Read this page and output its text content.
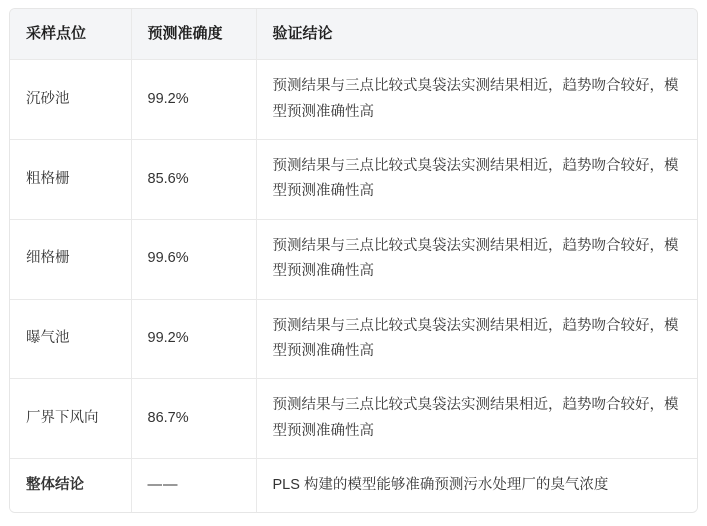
采样点位	预测准确度	验证结论
沉砂池	99.2%	预测结果与三点比较式臭袋法实测结果相近，趋势吻合较好，模型预测准确性高
粗格栅	85.6%	预测结果与三点比较式臭袋法实测结果相近，趋势吻合较好，模型预测准确性高
细格栅	99.6%	预测结果与三点比较式臭袋法实测结果相近，趋势吻合较好，模型预测准确性高
曝气池	99.2%	预测结果与三点比较式臭袋法实测结果相近，趋势吻合较好，模型预测准确性高
厂界下风向	86.7%	预测结果与三点比较式臭袋法实测结果相近，趋势吻合较好，模型预测准确性高
整体结论	——	PLS 构建的模型能够准确预测污水处理厂的臭气浓度
